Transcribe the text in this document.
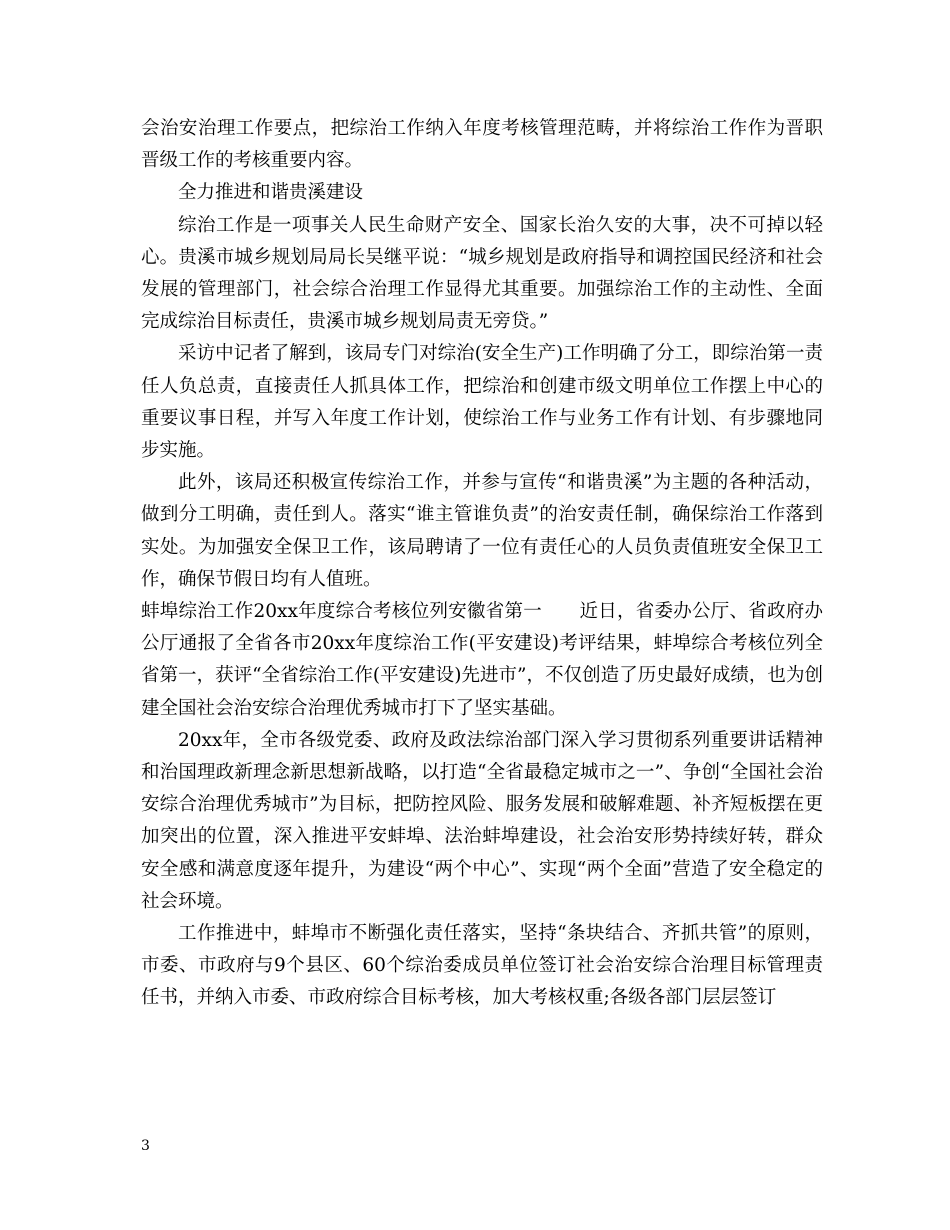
会治安治理工作要点，把综治工作纳入年度考核管理范畴，并将综治工作作为晋职晋级工作的考核重要内容。

全力推进和谐贵溪建设

综治工作是一项事关人民生命财产安全、国家长治久安的大事，决不可掉以轻心。贵溪市城乡规划局局长吴继平说：“城乡规划是政府指导和调控国民经济和社会发展的管理部门，社会综合治理工作显得尤其重要。加强综治工作的主动性、全面完成综治目标责任，贵溪市城乡规划局责无旁贷。”

采访中记者了解到，该局专门对综治(安全生产)工作明确了分工，即综治第一责任人负总责，直接责任人抓具体工作，把综治和创建市级文明单位工作摆上中心的重要议事日程，并写入年度工作计划，使综治工作与业务工作有计划、有步骤地同步实施。

此外，该局还积极宣传综治工作，并参与宣传“和谐贵溪”为主题的各种活动，做到分工明确，责任到人。落实“谁主管谁负责”的治安责任制，确保综治工作落到实处。为加强安全保卫工作，该局聘请了一位有责任心的人员负责值班安全保卫工作，确保节假日均有人值班。

蚌埠综治工作20xx年度综合考核位列安徽省第一　　近日，省委办公厅、省政府办公厅通报了全省各市20xx年度综治工作(平安建设)考评结果，蚌埠综合考核位列全省第一，获评“全省综治工作(平安建设)先进市”，不仅创造了历史最好成绩，也为创建全国社会治安综合治理优秀城市打下了坚实基础。

20xx年，全市各级党委、政府及政法综治部门深入学习贯彻系列重要讲话精神和治国理政新理念新思想新战略，以打造“全省最稳定城市之一”、争创“全国社会治安综合治理优秀城市”为目标，把防控风险、服务发展和破解难题、补齐短板摆在更加突出的位置，深入推进平安蚌埠、法治蚌埠建设，社会治安形势持续好转，群众安全感和满意度逐年提升，为建设“两个中心”、实现“两个全面”营造了安全稳定的社会环境。

工作推进中，蚌埠市不断强化责任落实，坚持“条块结合、齐抓共管”的原则，市委、市政府与9个县区、60个综治委成员单位签订社会治安综合治理目标管理责任书，并纳入市委、市政府综合目标考核，加大考核权重;各级各部门层层签订

3
